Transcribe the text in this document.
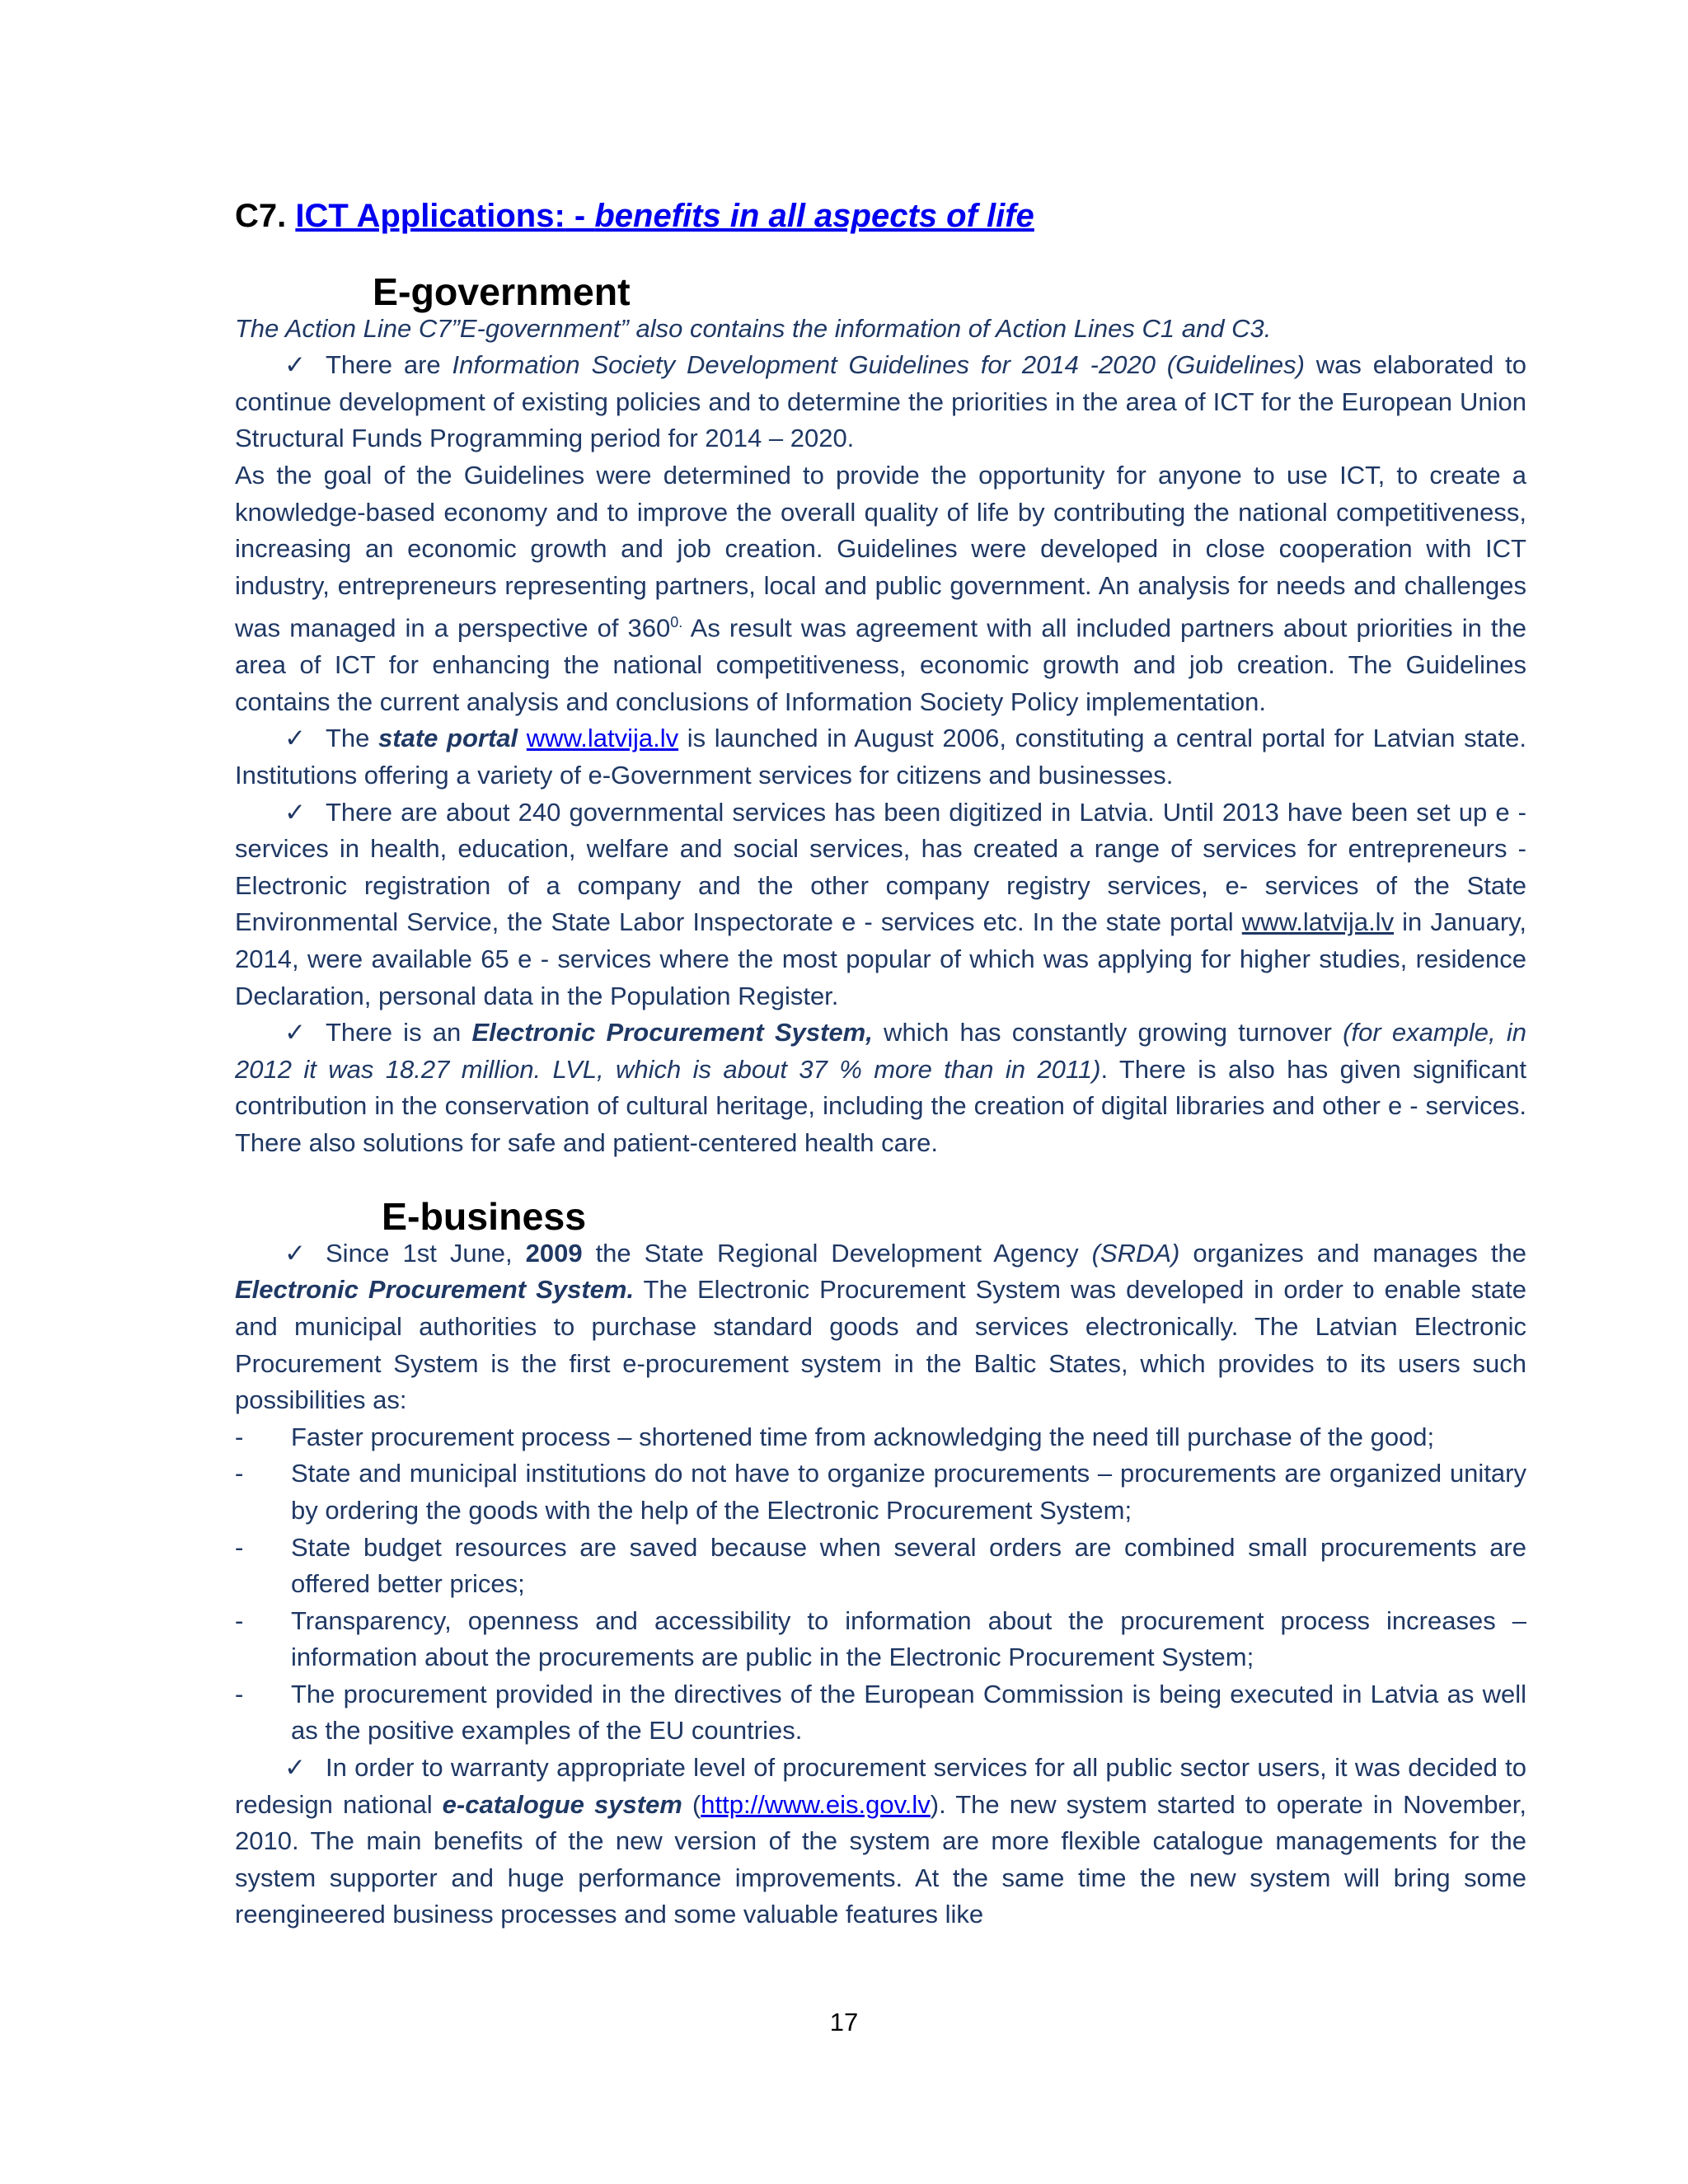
C7. ICT Applications: - benefits in all aspects of life
E-government

The Action Line C7”E-government” also contains the information of Action Lines C1 and C3.

✓ There are Information Society Development Guidelines for 2014 -2020 (Guidelines) was elaborated to continue development of existing policies and to determine the priorities in the area of ICT for the European Union Structural Funds Programming period for 2014 – 2020.

As the goal of the Guidelines were determined to provide the opportunity for anyone to use ICT, to create a knowledge-based economy and to improve the overall quality of life by contributing the national competitiveness, increasing an economic growth and job creation. Guidelines were developed in close cooperation with ICT industry, entrepreneurs representing partners, local and public government. An analysis for needs and challenges was managed in a perspective of $360^{0.}$ As result was agreement with all included partners about priorities in the area of ICT for enhancing the national competitiveness, economic growth and job creation. The Guidelines contains the current analysis and conclusions of Information Society Policy implementation.

✓ The state portal www.latvija.lv is launched in August 2006, constituting a central portal for Latvian state. Institutions offering a variety of e-Government services for citizens and businesses.

✓ There are about 240 governmental services has been digitized in Latvia. Until 2013 have been set up e - services in health, education, welfare and social services, has created a range of services for entrepreneurs - Electronic registration of a company and the other company registry services, e- services of the State Environmental Service, the State Labor Inspectorate e - services etc. In the state portal www.latvija.lv in January, 2014, were available 65 e - services where the most popular of which was applying for higher studies, residence Declaration, personal data in the Population Register.

✓ There is an Electronic Procurement System, which has constantly growing turnover (for example, in 2012 it was 18.27 million. LVL, which is about 37 % more than in 2011). There is also has given significant contribution in the conservation of cultural heritage, including the creation of digital libraries and other e - services. There also solutions for safe and patient-centered health care.

E-business

✓ Since 1st June, 2009 the State Regional Development Agency (SRDA) organizes and manages the Electronic Procurement System. The Electronic Procurement System was developed in order to enable state and municipal authorities to purchase standard goods and services electronically. The Latvian Electronic Procurement System is the first e-procurement system in the Baltic States, which provides to its users such possibilities as:

-	Faster procurement process – shortened time from acknowledging the need till purchase of the good;
-	State and municipal institutions do not have to organize procurements – procurements are organized unitary by ordering the goods with the help of the Electronic Procurement System;
-	State budget resources are saved because when several orders are combined small procurements are offered better prices;
-	Transparency, openness and accessibility to information about the procurement process increases – information about the procurements are public in the Electronic Procurement System;
-	The procurement provided in the directives of the European Commission is being executed in Latvia as well as the positive examples of the EU countries.

✓ In order to warranty appropriate level of procurement services for all public sector users, it was decided to redesign national e-catalogue system (http://www.eis.gov.lv). The new system started to operate in November, 2010. The main benefits of the new version of the system are more flexible catalogue managements for the system supporter and huge performance improvements. At the same time the new system will bring some reengineered business processes and some valuable features like

17
